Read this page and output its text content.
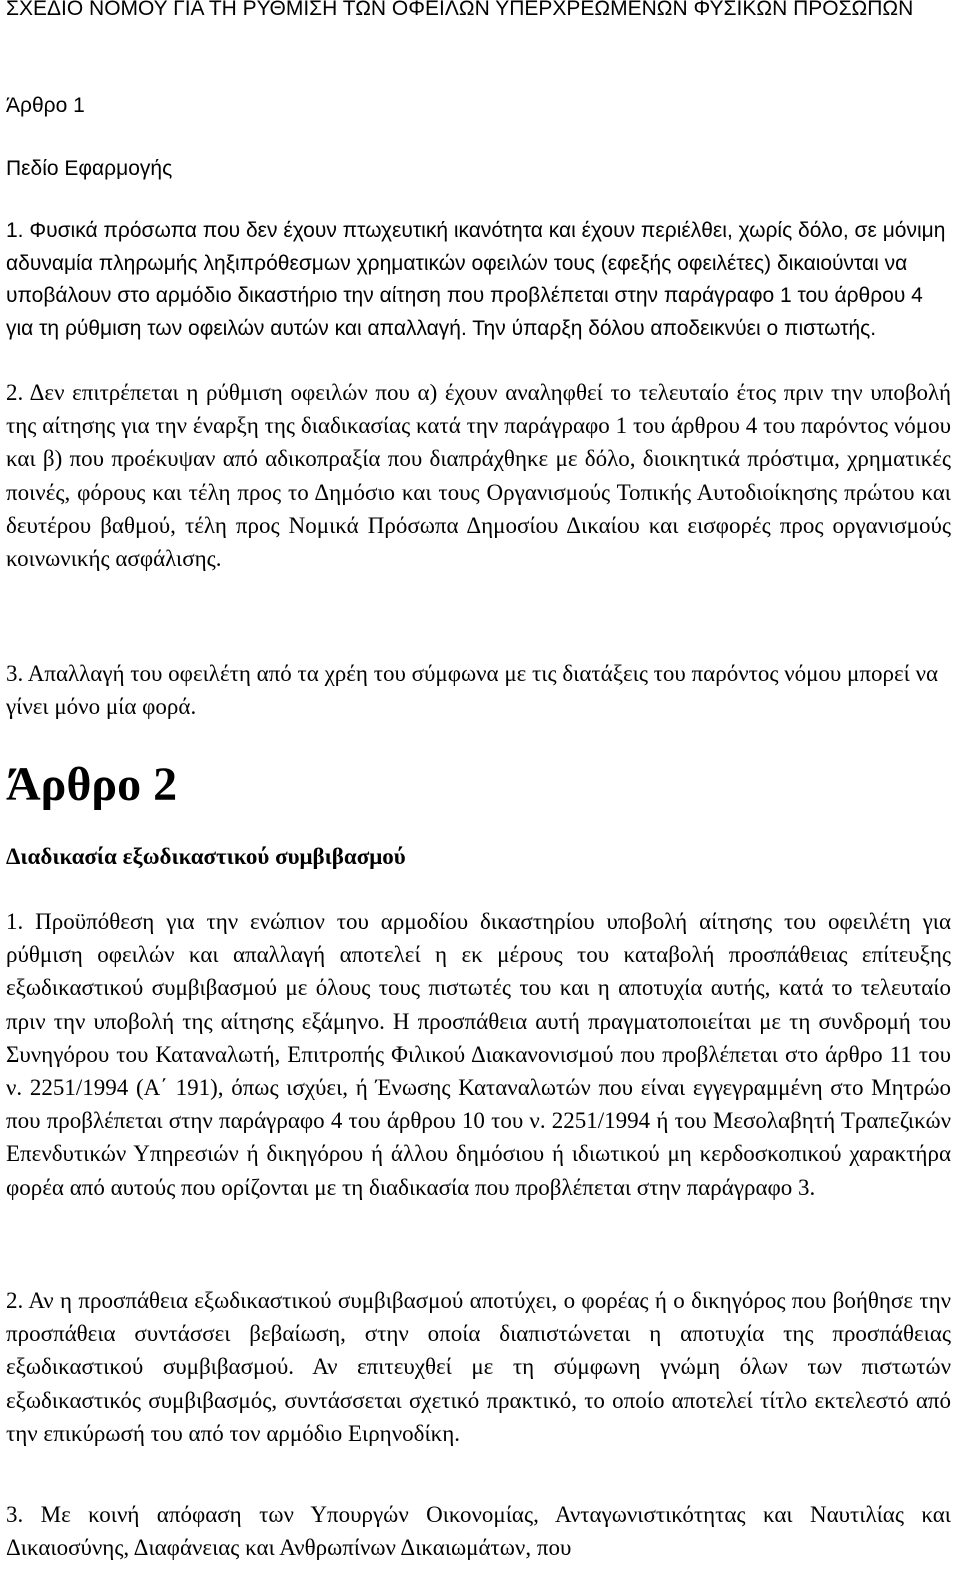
ΣΧΕΔΙΟ ΝΟΜΟΥ ΓΙΑ ΤΗ ΡΥΘΜΙΣΗ ΤΩΝ ΟΦΕΙΛΩΝ ΥΠΕΡΧΡΕΩΜΕΝΩΝ ΦΥΣΙΚΩΝ ΠΡΟΣΩΠΩΝ
Άρθρο 1
Πεδίο Εφαρμογής

1. Φυσικά πρόσωπα που δεν έχουν πτωχευτική ικανότητα και έχουν περιέλθει, χωρίς δόλο, σε μόνιμη αδυναμία πληρωμής ληξιπρόθεσμων χρηματικών οφειλών τους (εφεξής οφειλέτες) δικαιούνται να υποβάλουν στο αρμόδιο δικαστήριο την αίτηση που προβλέπεται στην παράγραφο 1 του άρθρου 4 για τη ρύθμιση των οφειλών αυτών και απαλλαγή. Την ύπαρξη δόλου αποδεικνύει ο πιστωτής.

2. Δεν επιτρέπεται η ρύθμιση οφειλών που α) έχουν αναληφθεί το τελευταίο έτος πριν την υποβολή της αίτησης για την έναρξη της διαδικασίας κατά την παράγραφο 1 του άρθρου 4 του παρόντος νόμου και β) που προέκυψαν από αδικοπραξία που διαπράχθηκε με δόλο, διοικητικά πρόστιμα, χρηματικές ποινές, φόρους και τέλη προς το Δημόσιο και τους Οργανισμούς Τοπικής Αυτοδιοίκησης πρώτου και δευτέρου βαθμού, τέλη προς Νομικά Πρόσωπα Δημοσίου Δικαίου και εισφορές προς οργανισμούς κοινωνικής ασφάλισης.

3. Απαλλαγή του οφειλέτη από τα χρέη του σύμφωνα με τις διατάξεις του παρόντος νόμου μπορεί να γίνει μόνο μία φορά.

Άρθρο 2
Διαδικασία εξωδικαστικού συμβιβασμού

1. Προϋπόθεση για την ενώπιον του αρμοδίου δικαστηρίου υποβολή αίτησης του οφειλέτη για ρύθμιση οφειλών και απαλλαγή αποτελεί η εκ μέρους του καταβολή προσπάθειας επίτευξης εξωδικαστικού συμβιβασμού με όλους τους πιστωτές του και η αποτυχία αυτής, κατά το τελευταίο πριν την υποβολή της αίτησης εξάμηνο. Η προσπάθεια αυτή πραγματοποιείται με τη συνδρομή του Συνηγόρου του Καταναλωτή, Επιτροπής Φιλικού Διακανονισμού που προβλέπεται στο άρθρο 11 του ν. 2251/1994 (Α΄ 191), όπως ισχύει, ή Ένωσης Καταναλωτών που είναι εγγεγραμμένη στο Μητρώο που προβλέπεται στην παράγραφο 4 του άρθρου 10 του ν. 2251/1994 ή του Μεσολαβητή Τραπεζικών Επενδυτικών Υπηρεσιών ή δικηγόρου ή άλλου δημόσιου ή ιδιωτικού μη κερδοσκοπικού χαρακτήρα φορέα από αυτούς που ορίζονται με τη διαδικασία που προβλέπεται στην παράγραφο 3.

2. Αν η προσπάθεια εξωδικαστικού συμβιβασμού αποτύχει, ο φορέας ή ο δικηγόρος που βοήθησε την προσπάθεια συντάσσει βεβαίωση, στην οποία διαπιστώνεται η αποτυχία της προσπάθειας εξωδικαστικού συμβιβασμού. Αν επιτευχθεί με τη σύμφωνη γνώμη όλων των πιστωτών εξωδικαστικός συμβιβασμός, συντάσσεται σχετικό πρακτικό, το οποίο αποτελεί τίτλο εκτελεστό από την επικύρωσή του από τον αρμόδιο Ειρηνοδίκη.

3. Με κοινή απόφαση των Υπουργών Οικονομίας, Ανταγωνιστικότητας και Ναυτιλίας και Δικαιοσύνης, Διαφάνειας και Ανθρωπίνων Δικαιωμάτων, που
